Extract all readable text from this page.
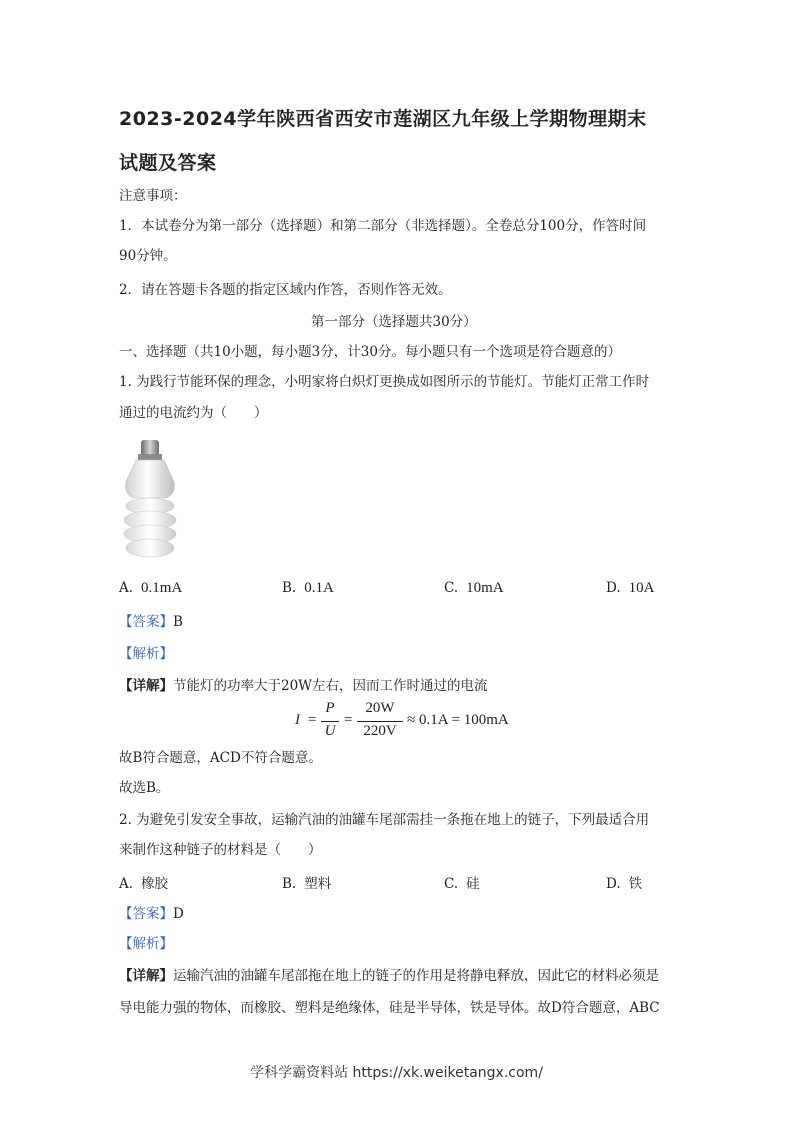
2023-2024学年陕西省西安市莲湖区九年级上学期物理期末
试题及答案
注意事项：
1．本试卷分为第一部分（选择题）和第二部分（非选择题）。全卷总分100分，作答时间
90分钟。
2．请在答题卡各题的指定区域内作答，否则作答无效。
第一部分（选择题共30分）
一、选择题（共10小题，每小题3分，计30分。每小题只有一个选项是符合题意的）
1. 为践行节能环保的理念，小明家将白炽灯更换成如图所示的节能灯。节能灯正常工作时
通过的电流约为（　　）
A. 0.1mA	B. 0.1A	C. 10mA	D. 10A
【答案】B
【解析】
【详解】节能灯的功率大于20W左右，因而工作时通过的电流
I =
P
U
=
20W
220V
≈ 0.1A = 100mA
故B符合题意，ACD不符合题意。
故选B。
2. 为避免引发安全事故，运输汽油的油罐车尾部需挂一条拖在地上的链子，下列最适合用
来制作这种链子的材料是（　　）
A. 橡胶	B. 塑料	C. 硅	D. 铁
【答案】D
【解析】
【详解】运输汽油的油罐车尾部拖在地上的链子的作用是将静电释放，因此它的材料必须是
导电能力强的物体，而橡胶、塑料是绝缘体，硅是半导体，铁是导体。故D符合题意，ABC
学科学霸资料站 https://xk.weiketangx.com/
